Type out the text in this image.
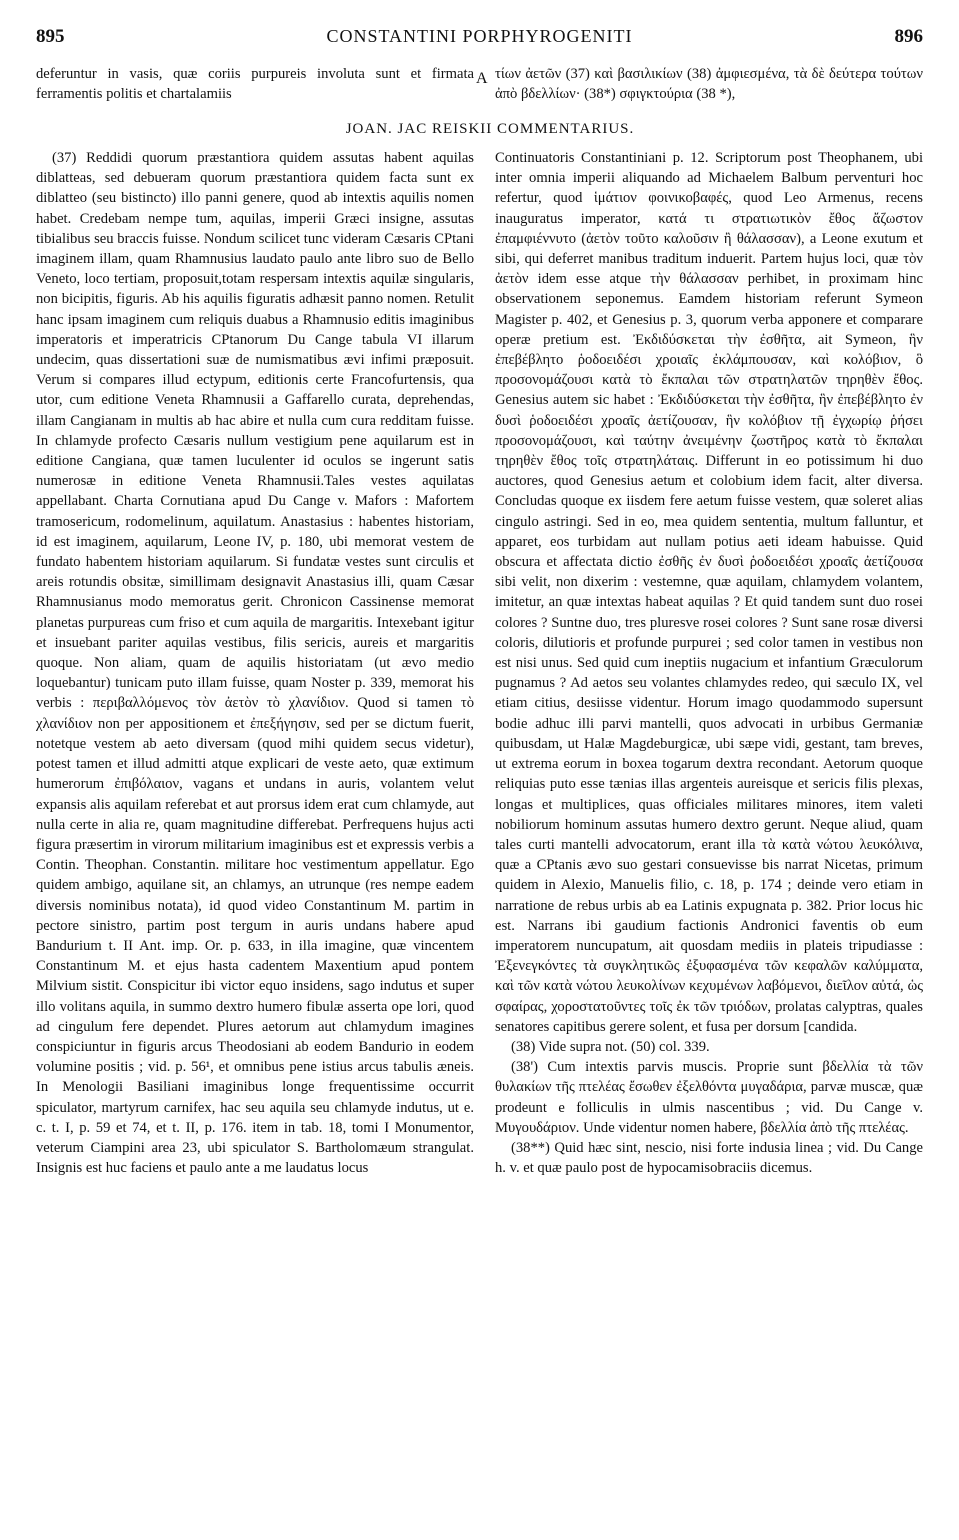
895	CONSTANTINI PORPHYROGENITI	896

deferuntur in vasis, quæ coriis purpureis involuta sunt et firmata ferramentis politis et chartalamiis

τίων ἀετῶν (37) καὶ βασιλικίων (38) ἀμφιεσμένα, τὰ δὲ δεύτερα τούτων ἀπὸ βδελλίων· (38*) σφιγκτούρια (38 *),

JOAN. JAC REISKII COMMENTARIUS.
A

(37) Reddidi quorum præstantiora quidem assutas habent aquilas diblatteas, sed debueram quorum præstantiora quidem facta sunt ex diblatteo (seu bistincto) illo panni genere, quod ab intextis aquilis nomen habet. Credebam nempe tum, aquilas, imperii Græci insigne, assutas tibialibus seu braccis fuisse. Nondum scilicet tunc videram Cæsaris CPtani imaginem illam, quam Rhamnusius laudato paulo ante libro suo de Bello Veneto, loco tertiam, proposuit,totam respersam intextis aquilæ singularis, non bicipitis, figuris. Ab his aquilis figuratis adhæsit panno nomen. Retulit hanc ipsam imaginem cum reliquis duabus a Rhamnusio editis imaginibus imperatoris et imperatricis CPtanorum Du Cange tabula VI illarum undecim, quas dissertationi suæ de numismatibus ævi infimi præposuit. Verum si compares illud ectypum, editionis certe Francofurtensis, qua utor, cum editione Veneta Rhamnusii a Gaffarello curata, deprehendas, illam Cangianam in multis ab hac abire et nulla cum cura redditam fuisse. In chlamyde profecto Cæsaris nullum vestigium pene aquilarum est in editione Cangiana, quæ tamen luculenter id oculos se ingerunt satis numerosæ in editione Veneta Rhamnusii.Tales vestes aquilatas appellabant. Charta Cornutiana apud Du Cange v. Mafors : Mafortem tramosericum, rodomelinum, aquilatum. Anastasius : habentes historiam, id est imaginem, aquilarum, Leone IV, p. 180, ubi memorat vestem de fundato habentem historiam aquilarum. Si fundatæ vestes sunt circulis et areis rotundis obsitæ, simillimam designavit Anastasius illi, quam Cæsar Rhamnusianus modo memoratus gerit. Chronicon Cassinense memorat planetas purpureas cum friso et cum aquila de margaritis. Intexebant igitur et insuebant pariter aquilas vestibus, filis sericis, aureis et margaritis quoque. Non aliam, quam de aquilis historiatam (ut ævo medio loquebantur) tunicam puto illam fuisse, quam Noster p. 339, memorat his verbis : περιβαλλόμενος τὸν ἀετὸν τὸ χλανίδιον. Quod si tamen τὸ χλανίδιον non per appositionem et ἐπεξήγησιν, sed per se dictum fuerit, notetque vestem ab aeto diversam (quod mihi quidem secus videtur), potest tamen et illud admitti atque explicari de veste aeto, quæ extimum humerorum ἐπιβόλαιον, vagans et undans in auris, volantem velut expansis alis aquilam referebat et aut prorsus idem erat cum chlamyde, aut nulla certe in alia re, quam magnitudine differebat. Perfrequens hujus acti figura præsertim in virorum militarium imaginibus est et expressis verbis a Contin. Theophan. Constantin. militare hoc vestimentum appellatur. Ego quidem ambigo, aquilane sit, an chlamys, an utrunque (res nempe eadem diversis nominibus notata), id quod video Constantinum M. partim in pectore sinistro, partim post tergum in auris undans habere apud Bandurium t. II Ant. imp. Or. p. 633, in illa imagine, quæ vincentem Constantinum M. et ejus hasta cadentem Maxentium apud pontem Milvium sistit. Conspicitur ibi victor equo insidens, sago indutus et super illo volitans aquila, in summo dextro humero fibulæ asserta ope lori, quod ad cingulum fere dependet. Plures aetorum aut chlamydum imagines conspiciuntur in figuris arcus Theodosiani ab eodem Bandurio in eodem volumine positis ; vid. p. 56¹, et omnibus pene istius arcus tabulis æneis. In Menologii Basiliani imaginibus longe frequentissime occurrit spiculator, martyrum carnifex, hac seu aquila seu chlamyde indutus, ut e. c. t. I, p. 59 et 74, et t. II, p. 176. item in tab. 18, tomi I Monumentor, veterum Ciampini area 23, ubi spiculator S. Bartholomæum strangulat. Insignis est huc faciens et paulo ante a me laudatus locus

Continuatoris Constantiniani p. 12. Scriptorum post Theophanem, ubi inter omnia imperii aliquando ad Michaelem Balbum perventuri hoc refertur, quod ἱμάτιον φοινικοβαφές, quod Leo Armenus, recens inauguratus imperator, κατά τι στρατιωτικὸν ἔθος ἄζωστον ἐπαμφιέννυτο (ἀετὸν τοῦτο καλοῦσιν ἢ θάλασσαν), a Leone exutum et sibi, qui deferret manibus traditum induerit. Partem hujus loci, quæ τὸν ἀετὸν idem esse atque τὴν θάλασσαν perhibet, in proximam hinc observationem seponemus. Eamdem historiam referunt Symeon Magister p. 402, et Genesius p. 3, quorum verba apponere et comparare operæ pretium est. Ἐκδιδύσκεται τὴν ἐσθῆτα, ait Symeon, ἣν ἐπεβέβλητο ῥοδοειδέσι χροιαῖς ἐκλάμπουσαν, καὶ κολόβιον, ὃ προσονομάζουσι κατὰ τὸ ἔκπαλαι τῶν στρατηλατῶν τηρηθὲν ἔθος. Genesius autem sic habet : Ἐκδιδύσκεται τὴν ἐσθῆτα, ἣν ἐπεβέβλητο ἐν δυσὶ ῥοδοειδέσι χροαῖς ἀετίζουσαν, ἣν κολόβιον τῇ ἐγχωρίῳ ῥήσει προσονομάζουσι, καὶ ταύτην ἀνειμένην ζωστῆρος κατὰ τὸ ἔκπαλαι τηρηθὲν ἔθος τοῖς στρατηλάταις. Differunt in eo potissimum hi duo auctores, quod Genesius aetum et colobium idem facit, alter diversa. Concludas quoque ex iisdem fere aetum fuisse vestem, quæ soleret alias cingulo astringi. Sed in eo, mea quidem sententia, multum falluntur, et apparet, eos turbidam aut nullam potius aeti ideam habuisse. Quid obscura et affectata dictio ἐσθῆς ἐν δυσὶ ῥοδοειδέσι χροαῖς ἀετίζουσα sibi velit, non dixerim : vestemne, quæ aquilam, chlamydem volantem, imitetur, an quæ intextas habeat aquilas ? Et quid tandem sunt duo rosei colores ? Suntne duo, tres pluresve rosei colores ? Sunt sane rosæ diversi coloris, dilutioris et profunde purpurei ; sed color tamen in vestibus non est nisi unus. Sed quid cum ineptiis nugacium et infantium Græculorum pugnamus ? Ad aetos seu volantes chlamydes redeo, qui sæculo IX, vel etiam citius, desiisse videntur. Horum imago quodammodo supersunt bodie adhuc illi parvi mantelli, quos advocati in urbibus Germaniæ quibusdam, ut Halæ Magdeburgicæ, ubi sæpe vidi, gestant, tam breves, ut extrema eorum in boxea togarum dextra recondant. Aetorum quoque reliquias puto esse tænias illas argenteis aureisque et sericis filis plexas, longas et multiplices, quas officiales militares minores, item valeti nobiliorum hominum assutas humero dextro gerunt. Neque aliud, quam tales curti mantelli advocatorum, erant illa τὰ κατὰ νώτου λευκόλινα, quæ a CPtanis ævo suo gestari consuevisse bis narrat Nicetas, primum quidem in Alexio, Manuelis filio, c. 18, p. 174 ; deinde vero etiam in narratione de rebus urbis ab ea Latinis expugnata p. 382. Prior locus hic est. Narrans ibi gaudium factionis Andronici faventis ob eum imperatorem nuncupatum, ait quosdam mediis in plateis tripudiasse : Ἐξενεγκόντες τὰ συγκλητικῶς ἐξυφασμένα τῶν κεφαλῶν καλύμματα, καὶ τῶν κατὰ νώτου λευκολίνων κεχυμένων λαβόμενοι, διεῖλον αὐτά, ὡς σφαίρας, χοροστατοῦντες τοῖς ἐκ τῶν τριόδων, prolatas calyptras, quales senatores capitibus gerere solent, et fusa per dorsum [candida.

(38) Vide supra not. (50) col. 339.

(38') Cum intextis parvis muscis. Proprie sunt βδελλία τὰ τῶν θυλακίων τῆς πτελέας ἔσωθεν ἐξελθόντα μυγαδάρια, parvæ muscæ, quæ prodeunt e folliculis in ulmis nascentibus ; vid. Du Cange v. Μυγουδάριον. Unde videntur nomen habere, βδελλία ἀπὸ τῆς πτελέας.

(38**) Quid hæc sint, nescio, nisi forte indusia linea ; vid. Du Cange h. v. et quæ paulo post de hypocamisobraciis dicemus.
